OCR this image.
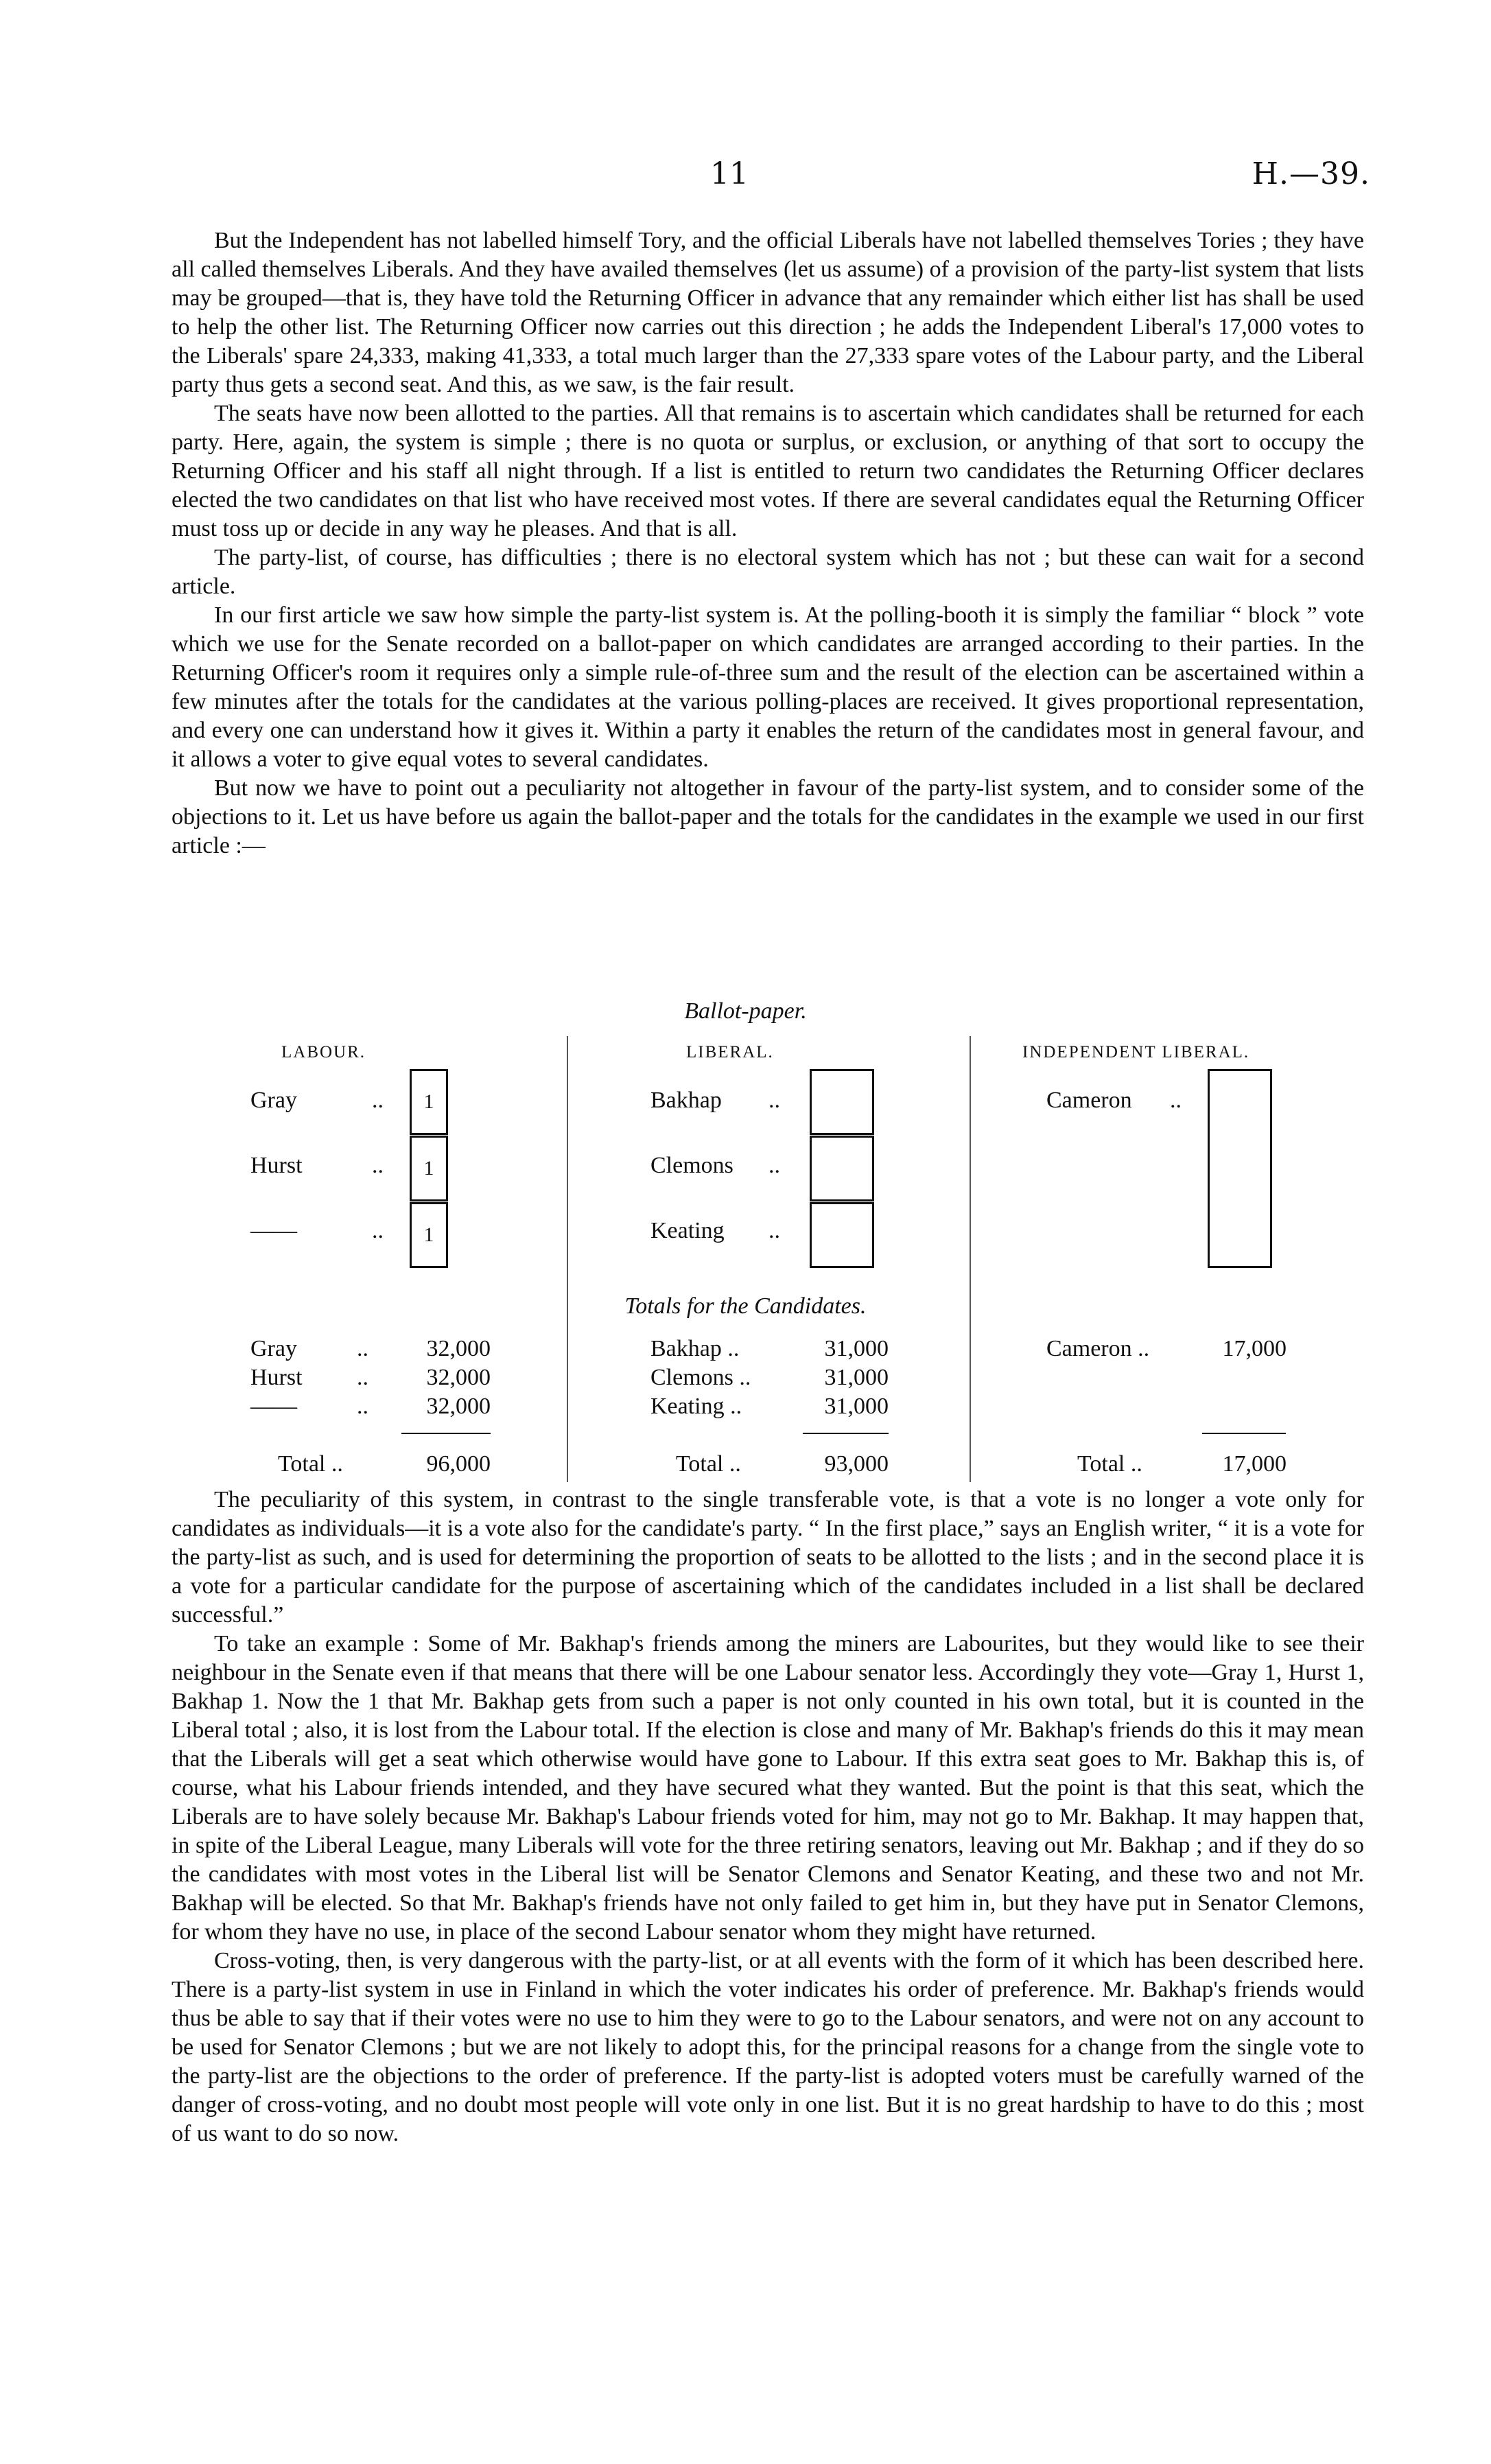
11	H.—39.

But the Independent has not labelled himself Tory, and the official Liberals have not labelled themselves Tories ; they have all called themselves Liberals. And they have availed themselves (let us assume) of a provision of the party-list system that lists may be grouped—that is, they have told the Returning Officer in advance that any remainder which either list has shall be used to help the other list. The Returning Officer now carries out this direction ; he adds the Independent Liberal's 17,000 votes to the Liberals' spare 24,333, making 41,333, a total much larger than the 27,333 spare votes of the Labour party, and the Liberal party thus gets a second seat. And this, as we saw, is the fair result.

The seats have now been allotted to the parties. All that remains is to ascertain which candidates shall be returned for each party. Here, again, the system is simple ; there is no quota or surplus, or exclusion, or anything of that sort to occupy the Returning Officer and his staff all night through. If a list is entitled to return two candidates the Returning Officer declares elected the two candidates on that list who have received most votes. If there are several candidates equal the Returning Officer must toss up or decide in any way he pleases. And that is all.

The party-list, of course, has difficulties ; there is no electoral system which has not ; but these can wait for a second article.

In our first article we saw how simple the party-list system is. At the polling-booth it is simply the familiar “ block ” vote which we use for the Senate recorded on a ballot-paper on which candidates are arranged according to their parties. In the Returning Officer's room it requires only a simple rule-of-three sum and the result of the election can be ascertained within a few minutes after the totals for the candidates at the various polling-places are received. It gives proportional representation, and every one can understand how it gives it. Within a party it enables the return of the candidates most in general favour, and it allows a voter to give equal votes to several candidates.

But now we have to point out a peculiarity not altogether in favour of the party-list system, and to consider some of the objections to it. Let us have before us again the ballot-paper and the totals for the candidates in the example we used in our first article :—

Ballot-paper.
LABOUR.	LIBERAL.	INDEPENDENT LIBERAL.
Gray	.. 1
Hurst	.. 1
——	.. 1
Bakhap ..
Clemons ..
Keating ..
Cameron ..
Totals for the Candidates.
Gray	..	32,000
Hurst ..	32,000
——	..	32,000
Total ..	96,000
Bakhap ..	31,000
Clemons ..	31,000
Keating ..	31,000
Total ..	93,000
Cameron ..	17,000
Total ..	17,000

The peculiarity of this system, in contrast to the single transferable vote, is that a vote is no longer a vote only for candidates as individuals—it is a vote also for the candidate's party. “ In the first place,” says an English writer, “ it is a vote for the party-list as such, and is used for determining the proportion of seats to be allotted to the lists ; and in the second place it is a vote for a particular candidate for the purpose of ascertaining which of the candidates included in a list shall be declared successful.”

To take an example : Some of Mr. Bakhap's friends among the miners are Labourites, but they would like to see their neighbour in the Senate even if that means that there will be one Labour senator less. Accordingly they vote—Gray 1, Hurst 1, Bakhap 1. Now the 1 that Mr. Bakhap gets from such a paper is not only counted in his own total, but it is counted in the Liberal total ; also, it is lost from the Labour total. If the election is close and many of Mr. Bakhap's friends do this it may mean that the Liberals will get a seat which otherwise would have gone to Labour. If this extra seat goes to Mr. Bakhap this is, of course, what his Labour friends intended, and they have secured what they wanted. But the point is that this seat, which the Liberals are to have solely because Mr. Bakhap's Labour friends voted for him, may not go to Mr. Bakhap. It may happen that, in spite of the Liberal League, many Liberals will vote for the three retiring senators, leaving out Mr. Bakhap ; and if they do so the candidates with most votes in the Liberal list will be Senator Clemons and Senator Keating, and these two and not Mr. Bakhap will be elected. So that Mr. Bakhap's friends have not only failed to get him in, but they have put in Senator Clemons, for whom they have no use, in place of the second Labour senator whom they might have returned.

Cross-voting, then, is very dangerous with the party-list, or at all events with the form of it which has been described here. There is a party-list system in use in Finland in which the voter indicates his order of preference. Mr. Bakhap's friends would thus be able to say that if their votes were no use to him they were to go to the Labour senators, and were not on any account to be used for Senator Clemons ; but we are not likely to adopt this, for the principal reasons for a change from the single vote to the party-list are the objections to the order of preference. If the party-list is adopted voters must be carefully warned of the danger of cross-voting, and no doubt most people will vote only in one list. But it is no great hardship to have to do this ; most of us want to do so now.
